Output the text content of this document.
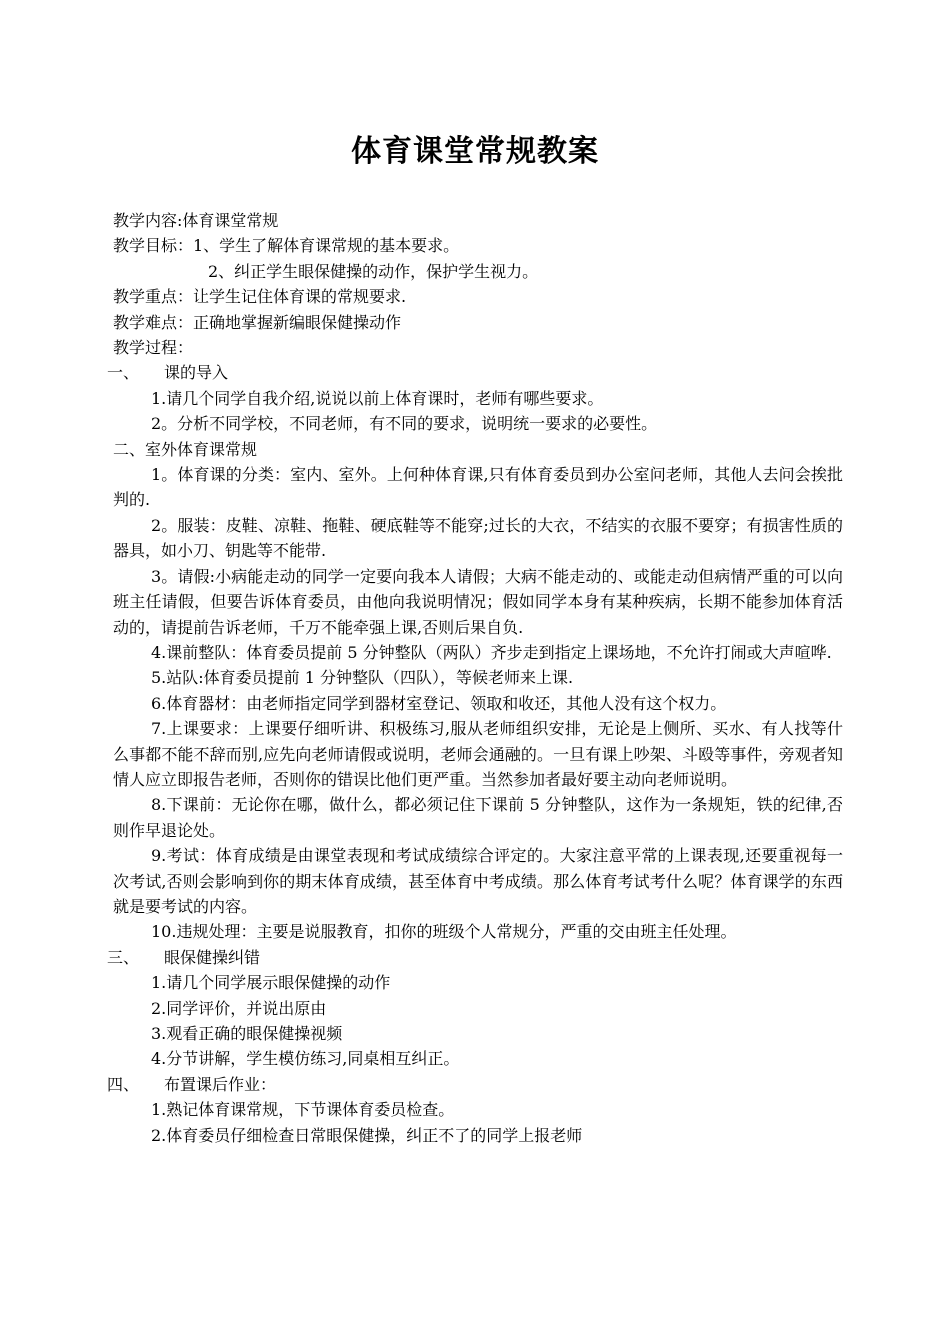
体育课堂常规教案
教学内容:体育课堂常规
教学目标：1、学生了解体育课常规的基本要求。
2、纠正学生眼保健操的动作，保护学生视力。
教学重点：让学生记住体育课的常规要求.
教学难点：正确地掌握新编眼保健操动作
教学过程：
一、 课的导入
1.请几个同学自我介绍,说说以前上体育课时，老师有哪些要求。
2。分析不同学校，不同老师，有不同的要求，说明统一要求的必要性。
二、室外体育课常规
1。体育课的分类：室内、室外。上何种体育课,只有体育委员到办公室问老师，其他人去问会挨批判的.
2。服装：皮鞋、凉鞋、拖鞋、硬底鞋等不能穿;过长的大衣，不结实的衣服不要穿；有损害性质的器具，如小刀、钥匙等不能带.
3。请假:小病能走动的同学一定要向我本人请假；大病不能走动的、或能走动但病情严重的可以向班主任请假，但要告诉体育委员，由他向我说明情况；假如同学本身有某种疾病，长期不能参加体育活动的，请提前告诉老师，千万不能牵强上课,否则后果自负.
4.课前整队：体育委员提前 5 分钟整队（两队）齐步走到指定上课场地，不允许打闹或大声喧哗.
5.站队:体育委员提前 1 分钟整队（四队），等候老师来上课.
6.体育器材：由老师指定同学到器材室登记、领取和收还，其他人没有这个权力。
7.上课要求：上课要仔细听讲、积极练习,服从老师组织安排，无论是上侧所、买水、有人找等什么事都不能不辞而别,应先向老师请假或说明，老师会通融的。一旦有课上吵架、斗殴等事件，旁观者知情人应立即报告老师，否则你的错误比他们更严重。当然参加者最好要主动向老师说明。
8.下课前：无论你在哪，做什么，都必须记住下课前 5 分钟整队，这作为一条规矩，铁的纪律,否则作早退论处。
9.考试：体育成绩是由课堂表现和考试成绩综合评定的。大家注意平常的上课表现,还要重视每一次考试,否则会影响到你的期末体育成绩，甚至体育中考成绩。那么体育考试考什么呢？体育课学的东西就是要考试的内容。
10.违规处理：主要是说服教育，扣你的班级个人常规分，严重的交由班主任处理。
三、 眼保健操纠错
1.请几个同学展示眼保健操的动作
2.同学评价，并说出原由
3.观看正确的眼保健操视频
4.分节讲解，学生模仿练习,同桌相互纠正。
四、 布置课后作业：
1.熟记体育课常规，下节课体育委员检查。
2.体育委员仔细检查日常眼保健操，纠正不了的同学上报老师
